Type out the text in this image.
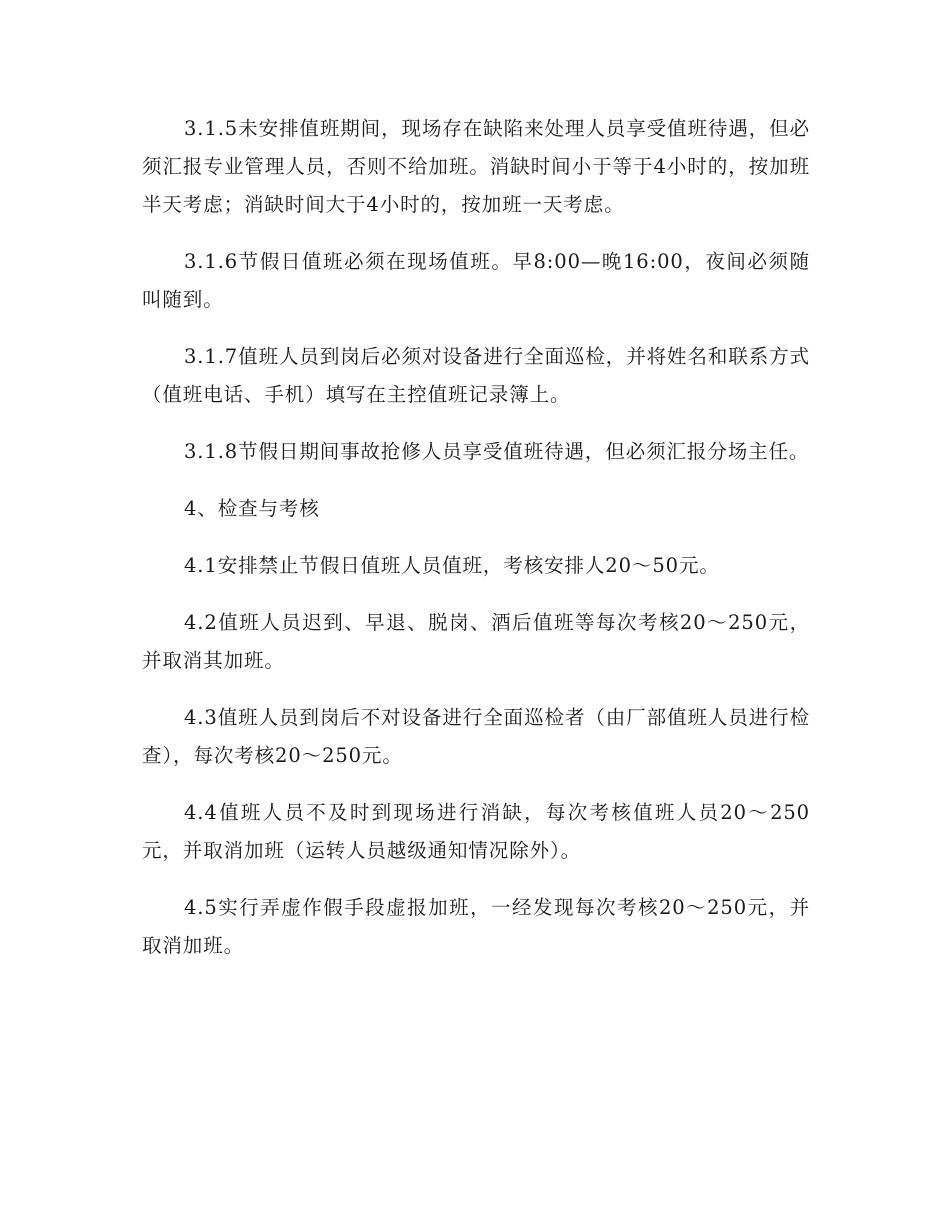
3.1.5未安排值班期间，现场存在缺陷来处理人员享受值班待遇，但必须汇报专业管理人员，否则不给加班。消缺时间小于等于4小时的，按加班半天考虑；消缺时间大于4小时的，按加班一天考虑。

3.1.6节假日值班必须在现场值班。早8:00—晚16:00，夜间必须随叫随到。

3.1.7值班人员到岗后必须对设备进行全面巡检，并将姓名和联系方式（值班电话、手机）填写在主控值班记录簿上。

3.1.8节假日期间事故抢修人员享受值班待遇，但必须汇报分场主任。

4、检查与考核

4.1安排禁止节假日值班人员值班，考核安排人20～50元。

4.2值班人员迟到、早退、脱岗、酒后值班等每次考核20～250元，并取消其加班。

4.3值班人员到岗后不对设备进行全面巡检者（由厂部值班人员进行检查），每次考核20～250元。

4.4值班人员不及时到现场进行消缺，每次考核值班人员20～250元，并取消加班（运转人员越级通知情况除外）。

4.5实行弄虚作假手段虚报加班，一经发现每次考核20～250元，并取消加班。
